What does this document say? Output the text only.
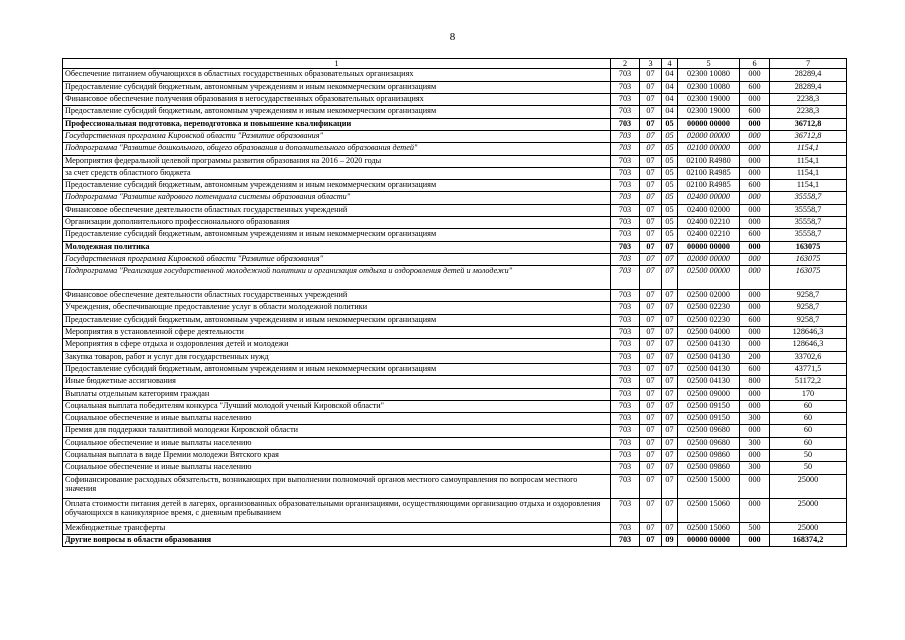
8
1	2	3	4	5	6	7
Обеспечение питанием обучающихся в областных государственных образовательных организациях	703	07	04	02300 10080	000	28289,4
Предоставление субсидий бюджетным, автономным учреждениям и иным некоммерческим организациям	703	07	04	02300 10080	600	28289,4
Финансовое обеспечение получения образования в негосударственных образовательных организациях	703	07	04	02300 19000	000	2238,3
Предоставление субсидий бюджетным, автономным учреждениям и иным некоммерческим организациям	703	07	04	02300 19000	600	2238,3
Профессиональная подготовка, переподготовка и повышение квалификации	703	07	05	00000 00000	000	36712,8
Государственная программа Кировской области "Развитие образования"	703	07	05	02000 00000	000	36712,8
Подпрограмма "Развитие дошкольного, общего образования и дополнительного образования детей"	703	07	05	02100 00000	000	1154,1
Мероприятия федеральной целевой программы развития образования на 2016 – 2020 годы	703	07	05	02100 R4980	000	1154,1
за счет средств областного бюджета	703	07	05	02100 R4985	000	1154,1
Предоставление субсидий бюджетным, автономным учреждениям и иным некоммерческим организациям	703	07	05	02100 R4985	600	1154,1
Подпрограмма "Развитие кадрового потенциала системы образования области"	703	07	05	02400 00000	000	35558,7
Финансовое обеспечение деятельности областных государственных учреждений	703	07	05	02400 02000	000	35558,7
Организации дополнительного профессионального образования	703	07	05	02400 02210	000	35558,7
Предоставление субсидий бюджетным, автономным учреждениям и иным некоммерческим организациям	703	07	05	02400 02210	600	35558,7
Молодежная политика	703	07	07	00000 00000	000	163075
Государственная программа Кировской области "Развитие образования"	703	07	07	02000 00000	000	163075
Подпрограмма "Реализация государственной молодежной политики и организация отдыха и оздоровления детей и молодежи"	703	07	07	02500 00000	000	163075
Финансовое обеспечение деятельности областных государственных учреждений	703	07	07	02500 02000	000	9258,7
Учреждения, обеспечивающие предоставление услуг в области молодежной политики	703	07	07	02500 02230	000	9258,7
Предоставление субсидий бюджетным, автономным учреждениям и иным некоммерческим организациям	703	07	07	02500 02230	600	9258,7
Мероприятия в установленной сфере деятельности	703	07	07	02500 04000	000	128646,3
Мероприятия в сфере отдыха и оздоровления детей и молодежи	703	07	07	02500 04130	000	128646,3
Закупка товаров, работ и услуг для государственных нужд	703	07	07	02500 04130	200	33702,6
Предоставление субсидий бюджетным, автономным учреждениям и иным некоммерческим организациям	703	07	07	02500 04130	600	43771,5
Иные бюджетные ассигнования	703	07	07	02500 04130	800	51172,2
Выплаты отдельным категориям граждан	703	07	07	02500 09000	000	170
Социальная выплата победителям конкурса "Лучший молодой ученый Кировской области"	703	07	07	02500 09150	000	60
Социальное обеспечение и иные выплаты населению	703	07	07	02500 09150	300	60
Премия для поддержки талантливой молодежи Кировской области	703	07	07	02500 09680	000	60
Социальное обеспечение и иные выплаты населению	703	07	07	02500 09680	300	60
Социальная выплата в виде Премии молодежи Вятского края	703	07	07	02500 09860	000	50
Социальное обеспечение и иные выплаты населению	703	07	07	02500 09860	300	50
Софинансирование расходных обязательств, возникающих при выполнении полномочий органов местного самоуправления по вопросам местного значения	703	07	07	02500 15000	000	25000
Оплата стоимости питания детей в лагерях, организованных образовательными организациями, осуществляющими организацию отдыха и оздоровления обучающихся в каникулярное время, с дневным пребыванием	703	07	07	02500 15060	000	25000
Межбюджетные трансферты	703	07	07	02500 15060	500	25000
Другие вопросы в области образования	703	07	09	00000 00000	000	168374,2
